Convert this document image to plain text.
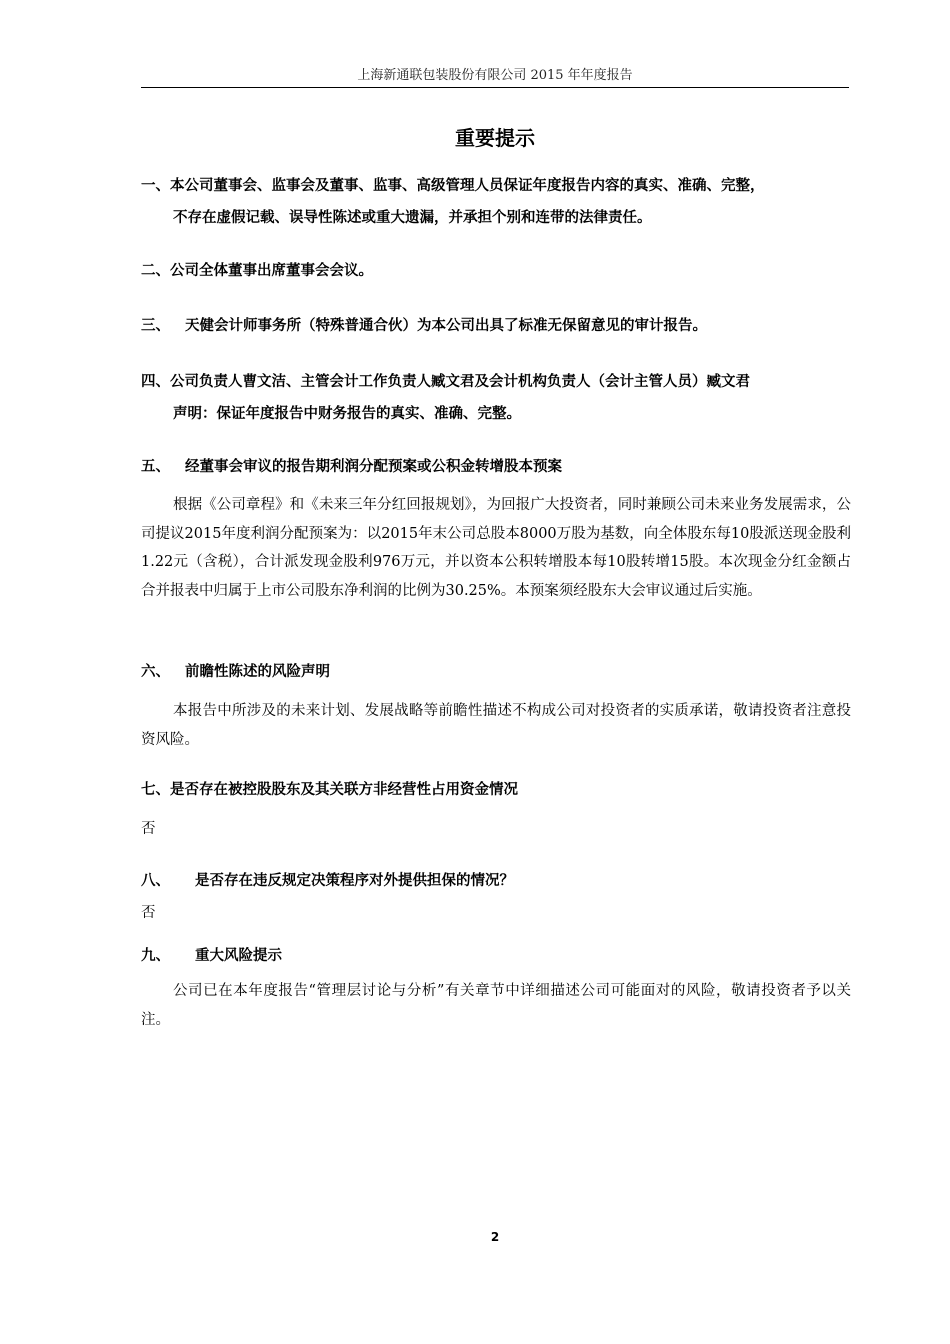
上海新通联包装股份有限公司 2015 年年度报告
重要提示
一、本公司董事会、监事会及董事、监事、高级管理人员保证年度报告内容的真实、准确、完整，
不存在虚假记载、误导性陈述或重大遗漏，并承担个别和连带的法律责任。
二、公司全体董事出席董事会会议。
三、 天健会计师事务所（特殊普通合伙）为本公司出具了标准无保留意见的审计报告。
四、公司负责人曹文洁、主管会计工作负责人臧文君及会计机构负责人（会计主管人员）臧文君
声明：保证年度报告中财务报告的真实、准确、完整。
五、 经董事会审议的报告期利润分配预案或公积金转增股本预案
根据《公司章程》和《未来三年分红回报规划》，为回报广大投资者，同时兼顾公司未来业务发展需求，公司提议2015年度利润分配预案为：以2015年末公司总股本8000万股为基数，向全体股东每10股派送现金股利1.22元（含税），合计派发现金股利976万元，并以资本公积转增股本每10股转增15股。本次现金分红金额占合并报表中归属于上市公司股东净利润的比例为30.25%。本预案须经股东大会审议通过后实施。
六、 前瞻性陈述的风险声明
本报告中所涉及的未来计划、发展战略等前瞻性描述不构成公司对投资者的实质承诺，敬请投资者注意投资风险。
七、是否存在被控股股东及其关联方非经营性占用资金情况
否
八、 是否存在违反规定决策程序对外提供担保的情况？
否
九、 重大风险提示
公司已在本年度报告“管理层讨论与分析”有关章节中详细描述公司可能面对的风险，敬请投资者予以关注。
2
